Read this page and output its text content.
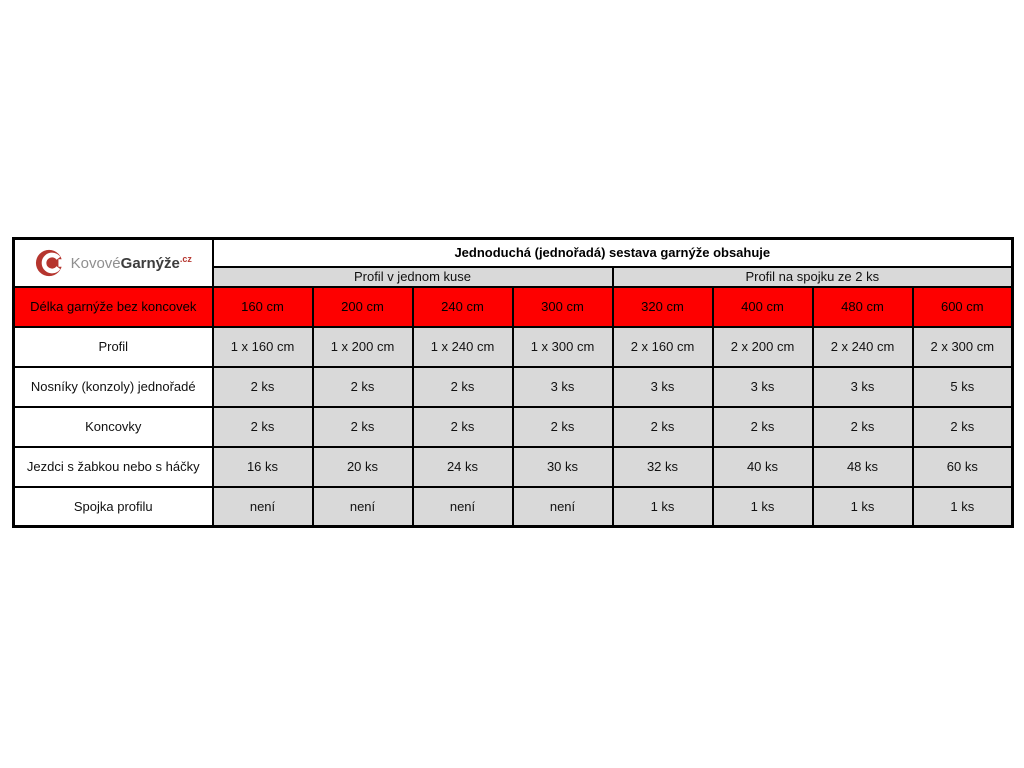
KovovéGarnýže$^{.cz}$	Jednoduchá (jednořadá) sestava garnýže obsahuje							
	Profil v jednom kuse				Profil na spojku ze 2 ks			
Délka garnýže bez koncovek	160 cm	200 cm	240 cm	300 cm	320 cm	400 cm	480 cm	600 cm
Profil	1 x 160 cm	1 x 200 cm	1 x 240 cm	1 x 300 cm	2 x 160 cm	2 x 200 cm	2 x 240 cm	2 x 300 cm
Nosníky (konzoly) jednořadé	2 ks	2 ks	2 ks	3 ks	3 ks	3 ks	3 ks	5 ks
Koncovky	2 ks	2 ks	2 ks	2 ks	2 ks	2 ks	2 ks	2 ks
Jezdci s žabkou nebo s háčky	16 ks	20 ks	24 ks	30 ks	32 ks	40 ks	48 ks	60 ks
Spojka profilu	není	není	není	není	1 ks	1 ks	1 ks	1 ks
